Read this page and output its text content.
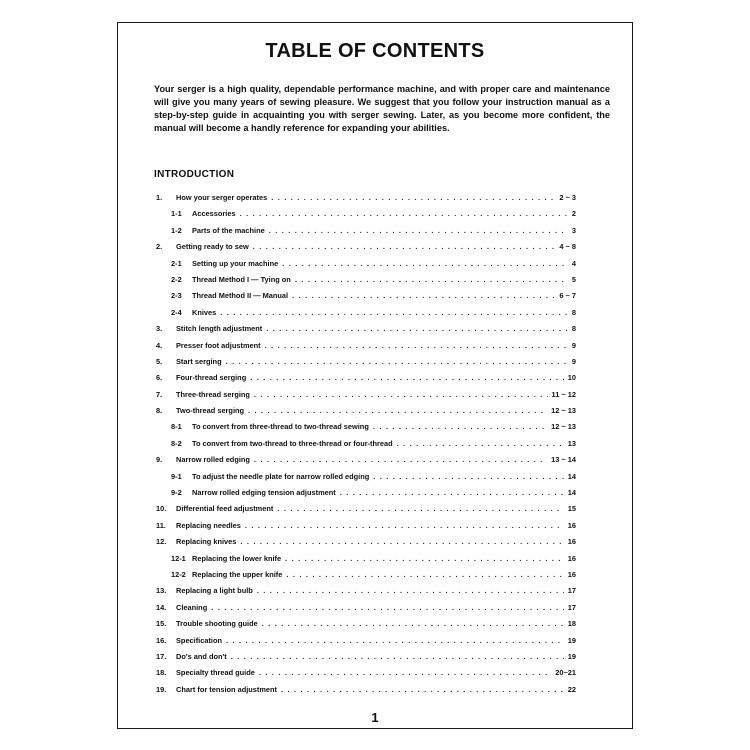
TABLE OF CONTENTS
Your serger is a high quality, dependable performance machine, and with proper care and maintenance will give you many years of sewing pleasure. We suggest that you follow your instruction manual as a step-by-step guide in acquainting you with serger sewing. Later, as you become more confident, the manual will become a handly reference for expanding your abilities.
INTRODUCTION
1.	How your serger operates . . .	2 ~ 3
1-1	Accessories . . .	2
1-2	Parts of the machine . . .	3
2.	Getting ready to sew . . .	4 ~ 8
2-1	Setting up your machine . . .	4
2-2	Thread Method I — Tying on . . .	5
2-3	Thread Method II — Manual . . .	6 ~ 7
2-4	Knives . . .	8
3.	Stitch length adjustment . . .	8
4.	Presser foot adjustment . . .	9
5.	Start serging . . .	9
6.	Four-thread serging . . .	10
7.	Three-thread serging . . .	11 ~ 12
8.	Two-thread serging . . .	12 ~ 13
8-1	To convert from three-thread to two-thread sewing . . .	12 ~ 13
8-2	To convert from two-thread to three-thread or four-thread . . .	13
9.	Narrow rolled edging . . .	13 ~ 14
9-1	To adjust the needle plate for narrow rolled edging . . .	14
9-2	Narrow rolled edging tension adjustment . . .	14
10.	Differential feed adjustment . . .	15
11.	Replacing needles . . .	16
12.	Replacing knives . . .	16
12-1 Replacing the lower knife . . .	16
12-2 Replacing the upper knife . . .	16
13.	Replacing a light bulb . . .	17
14.	Cleaning . . .	17
15.	Trouble shooting guide . . .	18
16.	Specification . . .	19
17.	Do's and don't . . .	19
18.	Specialty thread guide . . .	20~21
19.	Chart for tension adjustment . . .	22
1
